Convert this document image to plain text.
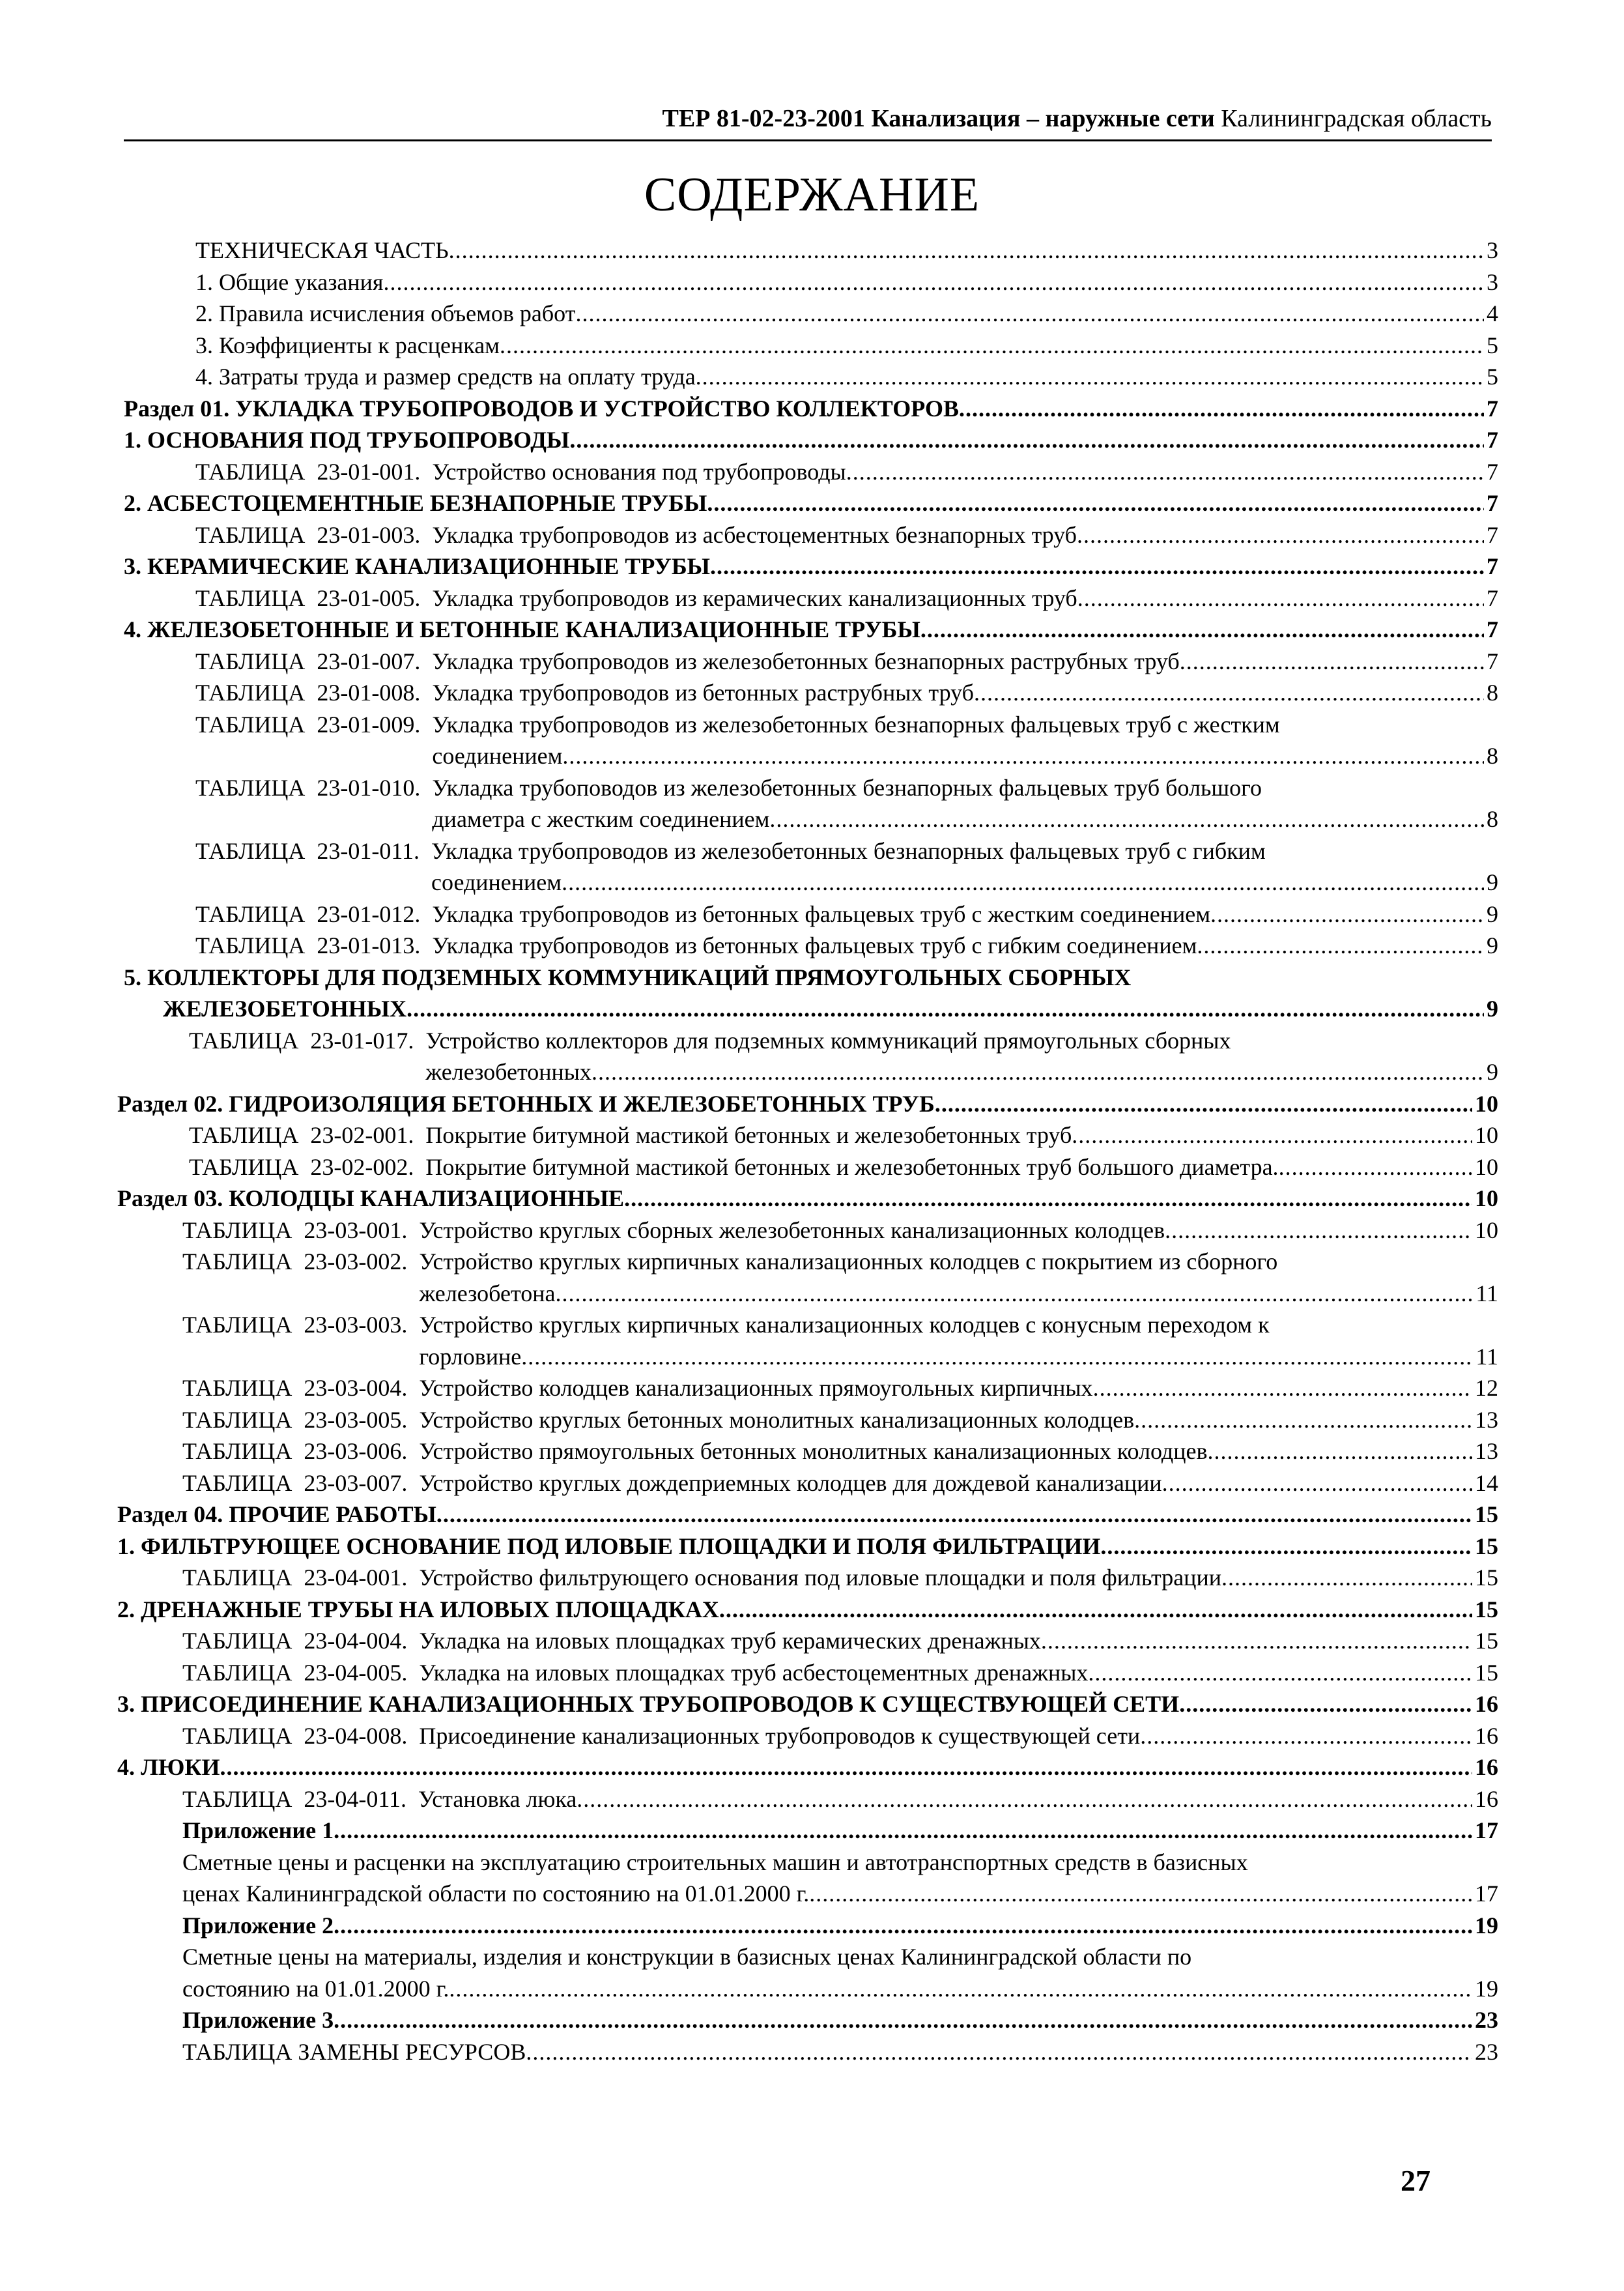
ТЕР 81-02-23-2001 Канализация – наружные сети Калининградская область
СОДЕРЖАНИЕ
ТЕХНИЧЕСКАЯ ЧАСТЬ .....	3
1. Общие указания .....	3
2. Правила исчисления объемов работ .....	4
3. Коэффициенты к расценкам .....	5
4. Затраты труда и размер средств на оплату труда .....	5
Раздел 01. УКЛАДКА ТРУБОПРОВОДОВ И УСТРОЙСТВО КОЛЛЕКТОРОВ .....	7
1. ОСНОВАНИЯ ПОД ТРУБОПРОВОДЫ .....	7
ТАБЛИЦА  23-01-001. Устройство основания под трубопроводы .....	7
2. АСБЕСТОЦЕМЕНТНЫЕ БЕЗНАПОРНЫЕ ТРУБЫ .....	7
ТАБЛИЦА  23-01-003. Укладка трубопроводов из асбестоцементных безнапорных труб .....	7
3. КЕРАМИЧЕСКИЕ КАНАЛИЗАЦИОННЫЕ ТРУБЫ .....	7
ТАБЛИЦА  23-01-005. Укладка трубопроводов из керамических канализационных труб .....	7
4. ЖЕЛЕЗОБЕТОННЫЕ И БЕТОННЫЕ КАНАЛИЗАЦИОННЫЕ ТРУБЫ .....	7
ТАБЛИЦА  23-01-007. Укладка трубопроводов из железобетонных безнапорных раструбных труб .....	7
ТАБЛИЦА  23-01-008. Укладка трубопроводов из бетонных раструбных труб .....	8
ТАБЛИЦА  23-01-009. Укладка трубопроводов из железобетонных безнапорных фальцевых труб с жестким
соединением .....	8
ТАБЛИЦА  23-01-010. Укладка трубоповодов из железобетонных безнапорных фальцевых труб большого
диаметра с жестким соединением .....	8
ТАБЛИЦА  23-01-011. Укладка трубопроводов из железобетонных безнапорных фальцевых труб с гибким
соединением .....	9
ТАБЛИЦА  23-01-012. Укладка трубопроводов из бетонных фальцевых труб с жестким соединением .....	9
ТАБЛИЦА  23-01-013. Укладка трубопроводов из бетонных фальцевых труб с гибким соединением .....	9
5. КОЛЛЕКТОРЫ ДЛЯ ПОДЗЕМНЫХ КОММУНИКАЦИЙ ПРЯМОУГОЛЬНЫХ СБОРНЫХ
ЖЕЛЕЗОБЕТОННЫХ .....	9
ТАБЛИЦА  23-01-017. Устройство коллекторов для подземных коммуникаций прямоугольных сборных
железобетонных .....	9
Раздел 02. ГИДРОИЗОЛЯЦИЯ БЕТОННЫХ И ЖЕЛЕЗОБЕТОННЫХ ТРУБ .....	10
ТАБЛИЦА  23-02-001. Покрытие битумной мастикой бетонных и железобетонных труб .....	10
ТАБЛИЦА  23-02-002. Покрытие битумной мастикой бетонных и железобетонных труб большого диаметра. .....	10
Раздел 03. КОЛОДЦЫ КАНАЛИЗАЦИОННЫЕ .....	10
ТАБЛИЦА  23-03-001. Устройство круглых сборных железобетонных канализационных колодцев .....	10
ТАБЛИЦА  23-03-002. Устройство круглых кирпичных канализационных колодцев с покрытием из сборного
железобетона .....	11
ТАБЛИЦА  23-03-003. Устройство круглых кирпичных канализационных колодцев с конусным переходом к
горловине .....	11
ТАБЛИЦА  23-03-004. Устройство колодцев канализационных прямоугольных кирпичных .....	12
ТАБЛИЦА  23-03-005. Устройство круглых бетонных монолитных канализационных колодцев .....	13
ТАБЛИЦА  23-03-006. Устройство прямоугольных бетонных монолитных канализационных колодцев .....	13
ТАБЛИЦА  23-03-007. Устройство круглых дождеприемных колодцев для дождевой канализации .....	14
Раздел 04. ПРОЧИЕ РАБОТЫ .....	15
1. ФИЛЬТРУЮЩЕЕ ОСНОВАНИЕ ПОД ИЛОВЫЕ ПЛОЩАДКИ И ПОЛЯ ФИЛЬТРАЦИИ .....	15
ТАБЛИЦА  23-04-001. Устройство фильтрующего основания под иловые площадки и поля фильтрации .....	15
2. ДРЕНАЖНЫЕ ТРУБЫ НА ИЛОВЫХ ПЛОЩАДКАХ .....	15
ТАБЛИЦА  23-04-004. Укладка на иловых площадках труб керамических дренажных .....	15
ТАБЛИЦА  23-04-005. Укладка на иловых площадках труб асбестоцементных дренажных .....	15
3. ПРИСОЕДИНЕНИЕ КАНАЛИЗАЦИОННЫХ ТРУБОПРОВОДОВ К СУЩЕСТВУЮЩЕЙ СЕТИ .....	16
ТАБЛИЦА  23-04-008. Присоединение канализационных трубопроводов к существующей сети .....	16
4. ЛЮКИ .....	16
ТАБЛИЦА  23-04-011. Установка люка .....	16
Приложение 1 .....	17
Сметные цены и расценки на эксплуатацию строительных машин и автотранспортных средств в базисных
ценах Калининградской области по состоянию на 01.01.2000 г. .....	17
Приложение 2 .....	19
Сметные цены на материалы, изделия и конструкции в базисных ценах Калининградской области по
состоянию на 01.01.2000 г. .....	19
Приложение 3 .....	23
ТАБЛИЦА ЗАМЕНЫ РЕСУРСОВ .....	23
27
